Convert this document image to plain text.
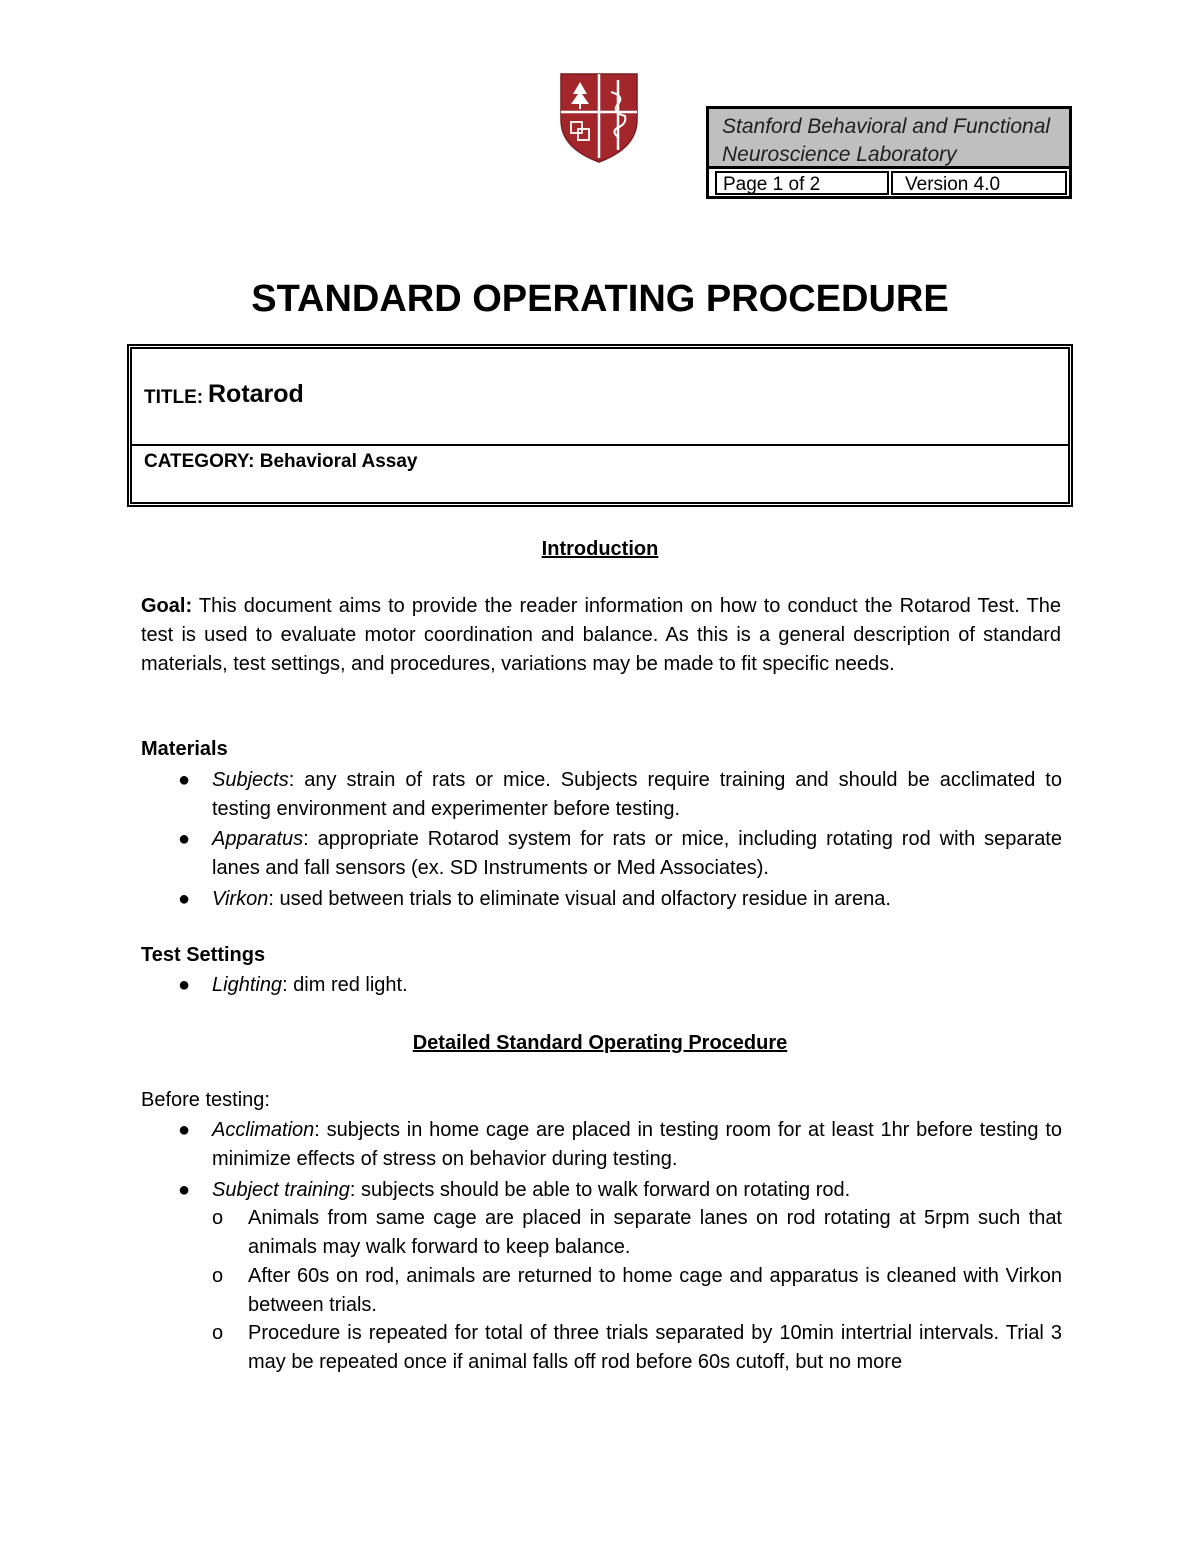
Stanford Behavioral and Functional Neuroscience Laboratory
Page 1 of 2	Version 4.0
STANDARD OPERATING PROCEDURE
TITLE: Rotarod
CATEGORY: Behavioral Assay
Introduction
Goal: This document aims to provide the reader information on how to conduct the Rotarod Test. The test is used to evaluate motor coordination and balance. As this is a general description of standard materials, test settings, and procedures, variations may be made to fit specific needs.
Materials
● Subjects: any strain of rats or mice. Subjects require training and should be acclimated to testing environment and experimenter before testing.
● Apparatus: appropriate Rotarod system for rats or mice, including rotating rod with separate lanes and fall sensors (ex. SD Instruments or Med Associates).
● Virkon: used between trials to eliminate visual and olfactory residue in arena.
Test Settings
● Lighting: dim red light.
Detailed Standard Operating Procedure
Before testing:
● Acclimation: subjects in home cage are placed in testing room for at least 1hr before testing to minimize effects of stress on behavior during testing.
● Subject training: subjects should be able to walk forward on rotating rod.
o Animals from same cage are placed in separate lanes on rod rotating at 5rpm such that animals may walk forward to keep balance.
o After 60s on rod, animals are returned to home cage and apparatus is cleaned with Virkon between trials.
o Procedure is repeated for total of three trials separated by 10min intertrial intervals. Trial 3 may be repeated once if animal falls off rod before 60s cutoff, but no more
